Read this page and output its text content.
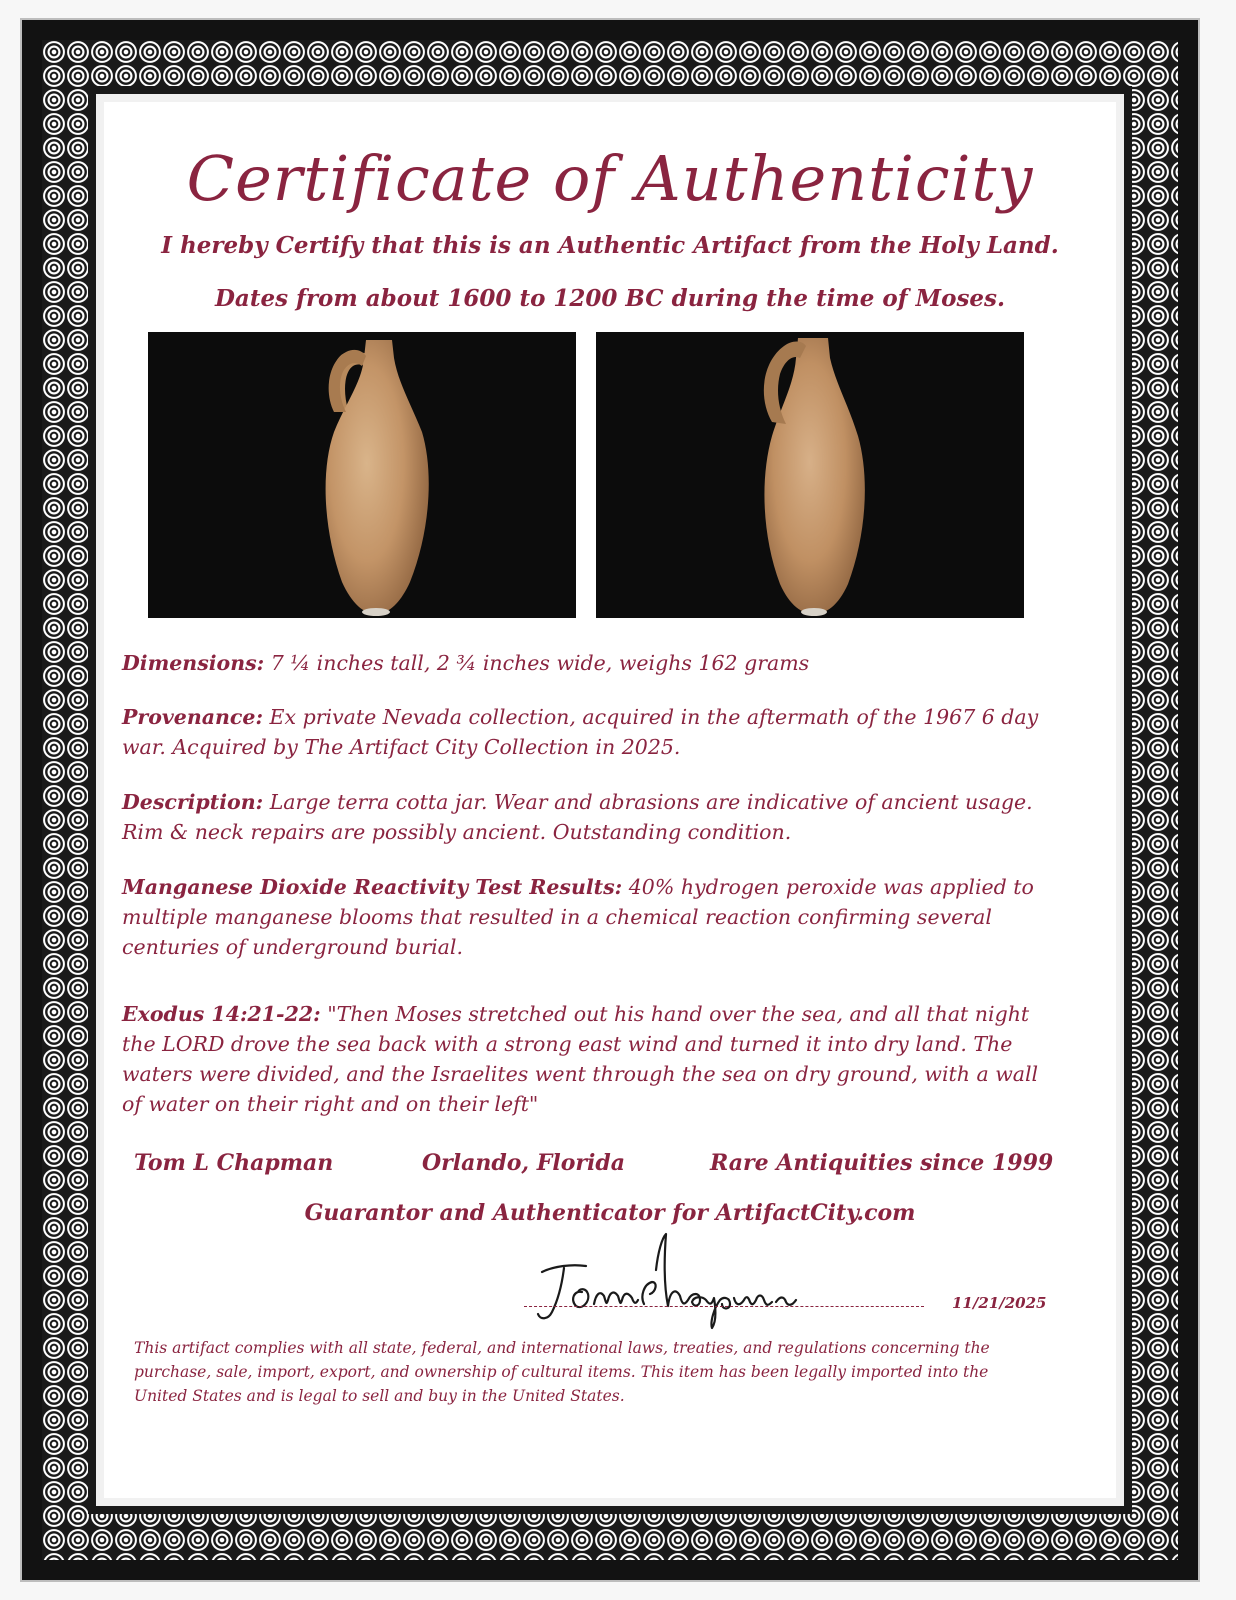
Certificate of Authenticity

I hereby Certify that this is an Authentic Artifact from the Holy Land.

Dates from about 1600 to 1200 BC during the time of Moses.

Dimensions: 7 ¼ inches tall, 2 ¾ inches wide, weighs 162 grams

Provenance: Ex private Nevada collection, acquired in the aftermath of the 1967 6 day war. Acquired by The Artifact City Collection in 2025.

Description: Large terra cotta jar. Wear and abrasions are indicative of ancient usage. Rim & neck repairs are possibly ancient. Outstanding condition.

Manganese Dioxide Reactivity Test Results: 40% hydrogen peroxide was applied to multiple manganese blooms that resulted in a chemical reaction confirming several centuries of underground burial.

Exodus 14:21-22: "Then Moses stretched out his hand over the sea, and all that night the LORD drove the sea back with a strong east wind and turned it into dry land. The waters were divided, and the Israelites went through the sea on dry ground, with a wall of water on their right and on their left"

Tom L Chapman	Orlando, Florida	Rare Antiquities since 1999

Guarantor and Authenticator for ArtifactCity.com

11/21/2025

This artifact complies with all state, federal, and international laws, treaties, and regulations concerning the purchase, sale, import, export, and ownership of cultural items. This item has been legally imported into the United States and is legal to sell and buy in the United States.
